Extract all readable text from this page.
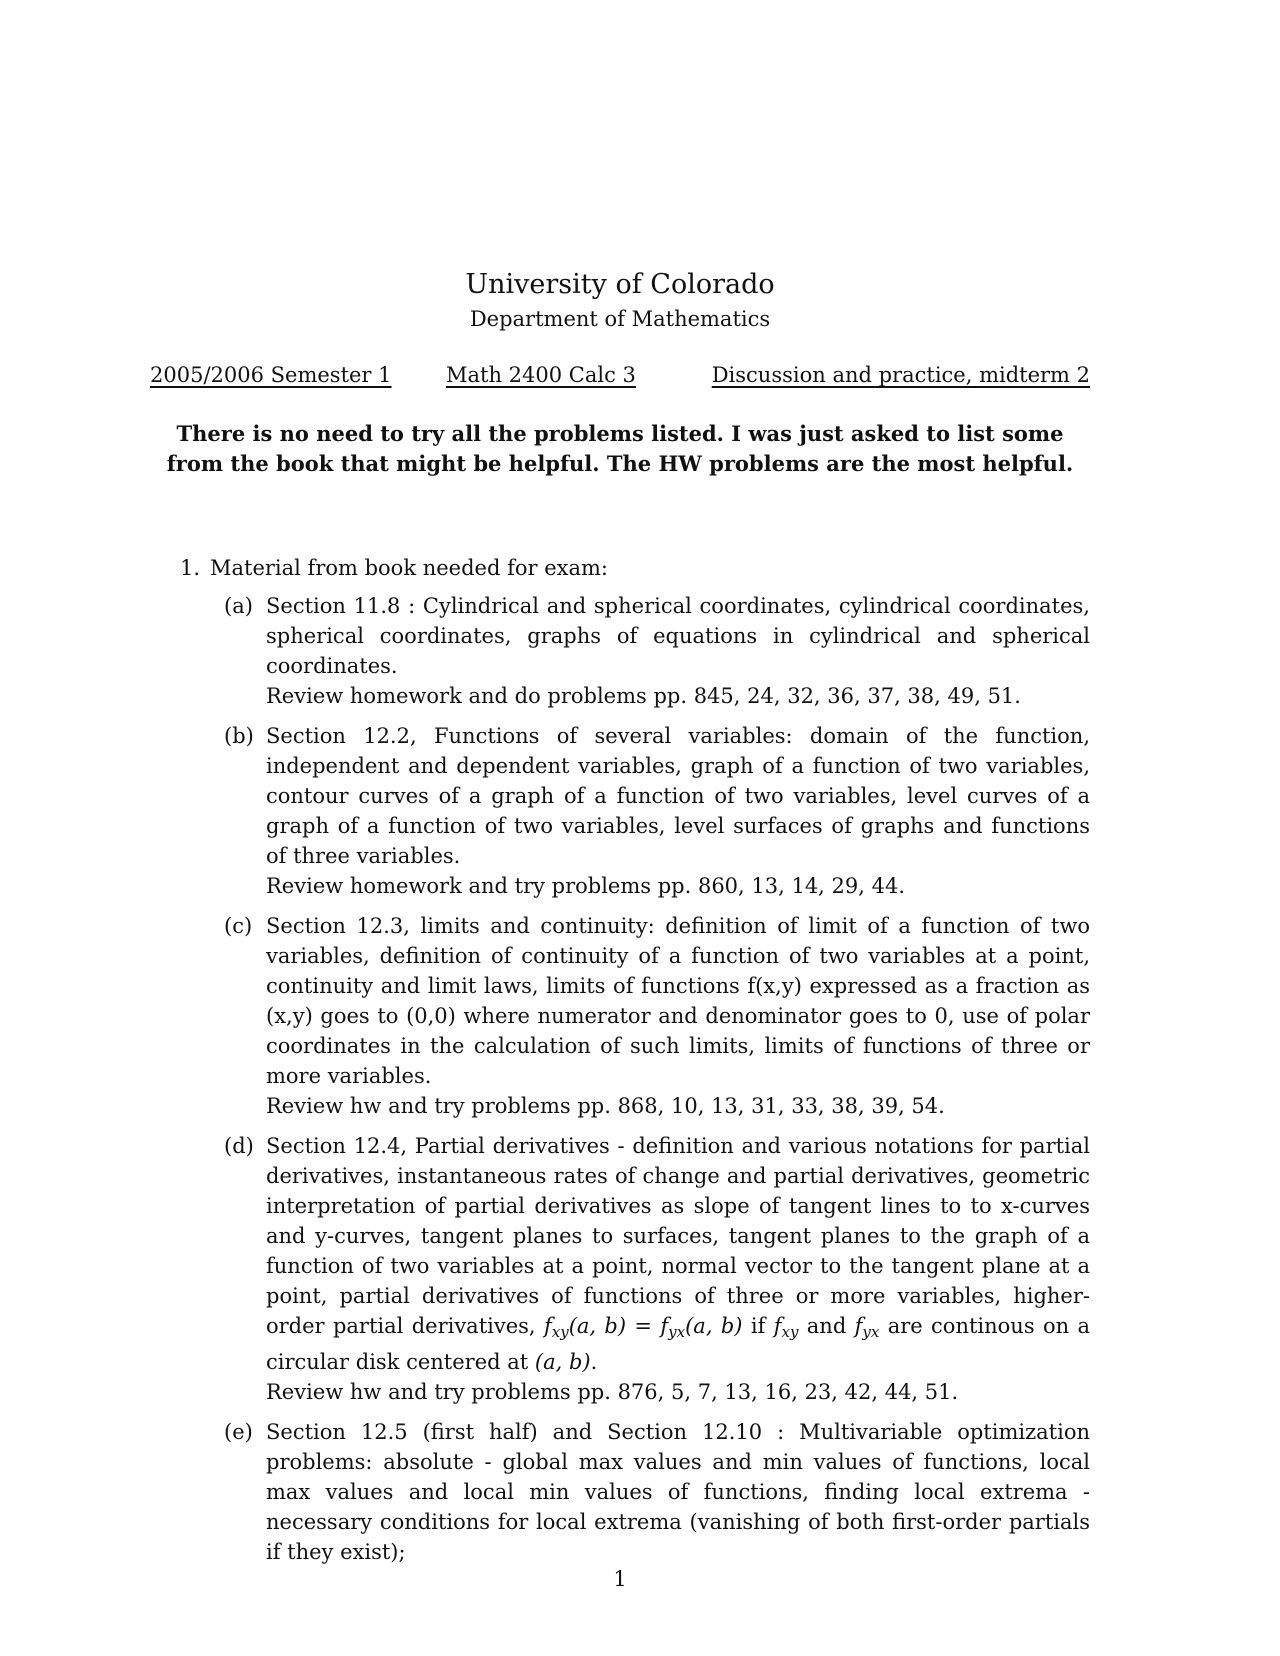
University of Colorado
Department of Mathematics
2005/2006 Semester 1	Math 2400 Calc 3	Discussion and practice, midterm 2
There is no need to try all the problems listed. I was just asked to list some from the book that might be helpful. The HW problems are the most helpful.
1. Material from book needed for exam:
(a) Section 11.8 : Cylindrical and spherical coordinates, cylindrical coordinates, spherical coordinates, graphs of equations in cylindrical and spherical coordinates.

Review homework and do problems pp. 845, 24, 32, 36, 37, 38, 49, 51.

(b) Section 12.2, Functions of several variables: domain of the function, independent and dependent variables, graph of a function of two variables, contour curves of a graph of a function of two variables, level curves of a graph of a function of two variables, level surfaces of graphs and functions of three variables.

Review homework and try problems pp. 860, 13, 14, 29, 44.

(c) Section 12.3, limits and continuity: definition of limit of a function of two variables, definition of continuity of a function of two variables at a point, continuity and limit laws, limits of functions f(x,y) expressed as a fraction as (x,y) goes to (0,0) where numerator and denominator goes to 0, use of polar coordinates in the calculation of such limits, limits of functions of three or more variables.

Review hw and try problems pp. 868, 10, 13, 31, 33, 38, 39, 54.

(d) Section 12.4, Partial derivatives - definition and various notations for partial derivatives, instantaneous rates of change and partial derivatives, geometric interpretation of partial derivatives as slope of tangent lines to to x-curves and y-curves, tangent planes to surfaces, tangent planes to the graph of a function of two variables at a point, normal vector to the tangent plane at a point, partial derivatives of functions of three or more variables, higher-order partial derivatives, $f_{xy}(a$, $b) = f_{yx}(a$, b) if $f_{xy}$ and $f_{yx}$ are continous on a circular disk centered at (a, b).

Review hw and try problems pp. 876, 5, 7, 13, 16, 23, 42, 44, 51.

(e) Section 12.5 (first half) and Section 12.10 : Multivariable optimization problems: absolute - global max values and min values of functions, local max values and local min values of functions, finding local extrema - necessary conditions for local extrema (vanishing of both first-order partials if they exist);

1
